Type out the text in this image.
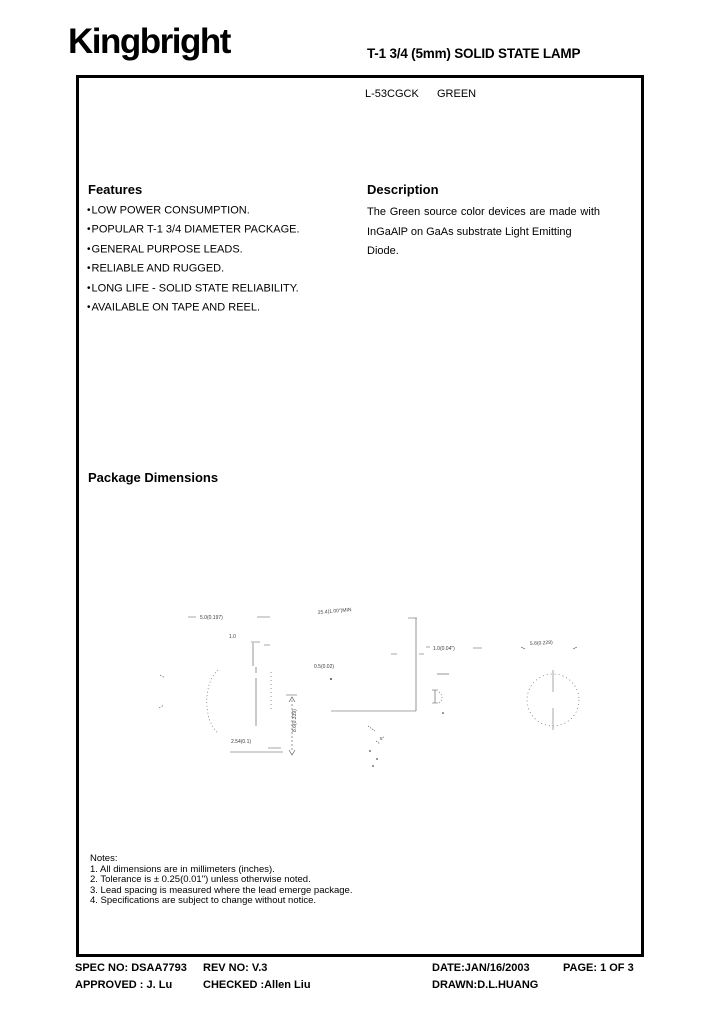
Kingbright	T-1 3/4 (5mm) SOLID STATE LAMP
L-53CGCK GREEN
Features
•LOW POWER CONSUMPTION.
•POPULAR T-1 3/4 DIAMETER PACKAGE.
•GENERAL PURPOSE LEADS.
•RELIABLE AND RUGGED.
•LONG LIFE - SOLID STATE RELIABILITY.
•AVAILABLE ON TAPE AND REEL.
Description
The Green source color devices are made with
InGaAlP on GaAs substrate Light Emitting Diode.
Package Dimensions
5.0(0.197)
1.0
2.54(0.1)
8.6(0.339)
25.4(1.00")MIN
0.5(0.02)
1.0(0.04")
5.8(0.228)
5°
Notes:
1. All dimensions are in millimeters (inches).
2. Tolerance is ± 0.25(0.01") unless otherwise noted.
3. Lead spacing is measured where the lead emerge package.
4. Specifications are subject to change without notice.
SPEC NO: DSAA7793 REV NO: V.3	DATE:JAN/16/2003	PAGE: 1 OF 3
APPROVED : J. Lu	CHECKED :Allen Liu	DRAWN:D.L.HUANG
